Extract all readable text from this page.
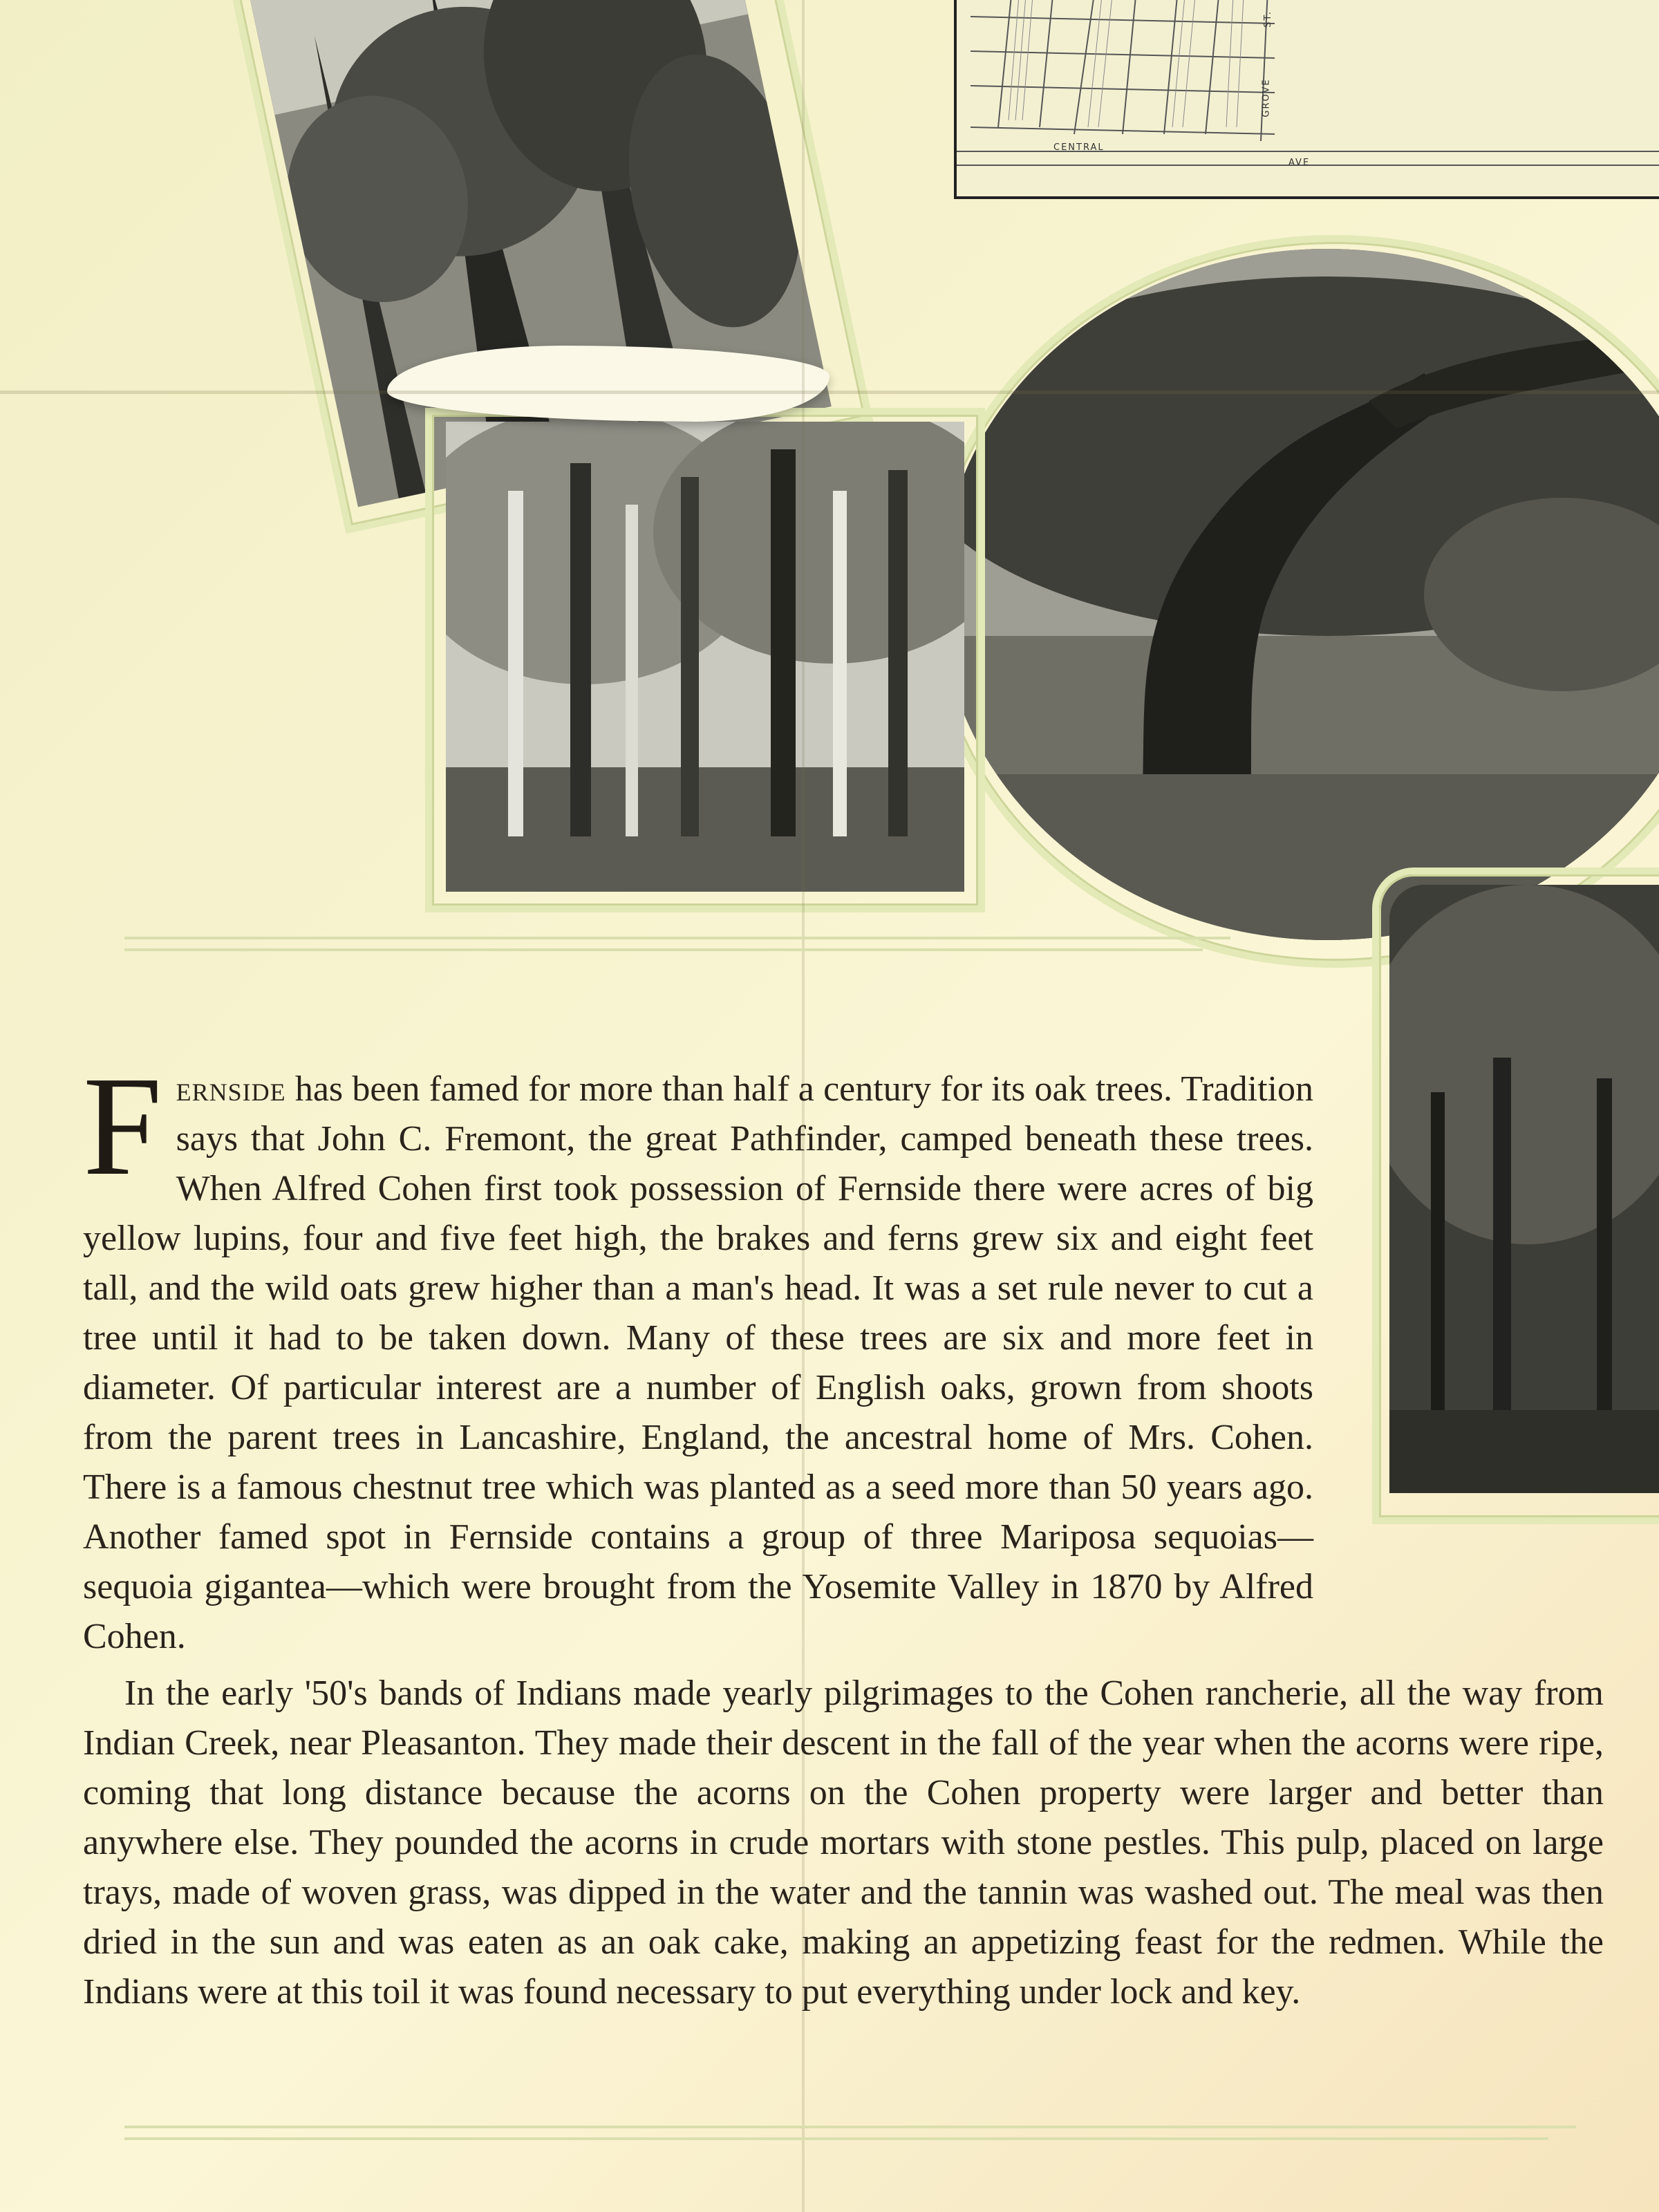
CENTRAL
AVE
GROVE
ST.

Fernside has been famed for more than half a century for its oak trees. Tradition says that John C. Fremont, the great Pathfinder, camped beneath these trees. When Alfred Cohen first took possession of Fernside there were acres of big yellow lupins, four and five feet high, the brakes and ferns grew six and eight feet tall, and the wild oats grew higher than a man's head. It was a set rule never to cut a tree until it had to be taken down. Many of these trees are six and more feet in diameter. Of particular interest are a number of English oaks, grown from shoots from the parent trees in Lancashire, England, the ancestral home of Mrs. Cohen. There is a famous chestnut tree which was planted as a seed more than 50 years ago. Another famed spot in Fernside contains a group of three Mariposa sequoias—sequoia gigantea—which were brought from the Yosemite Valley in 1870 by Alfred Cohen.

In the early '50's bands of Indians made yearly pilgrimages to the Cohen rancherie, all the way from Indian Creek, near Pleasanton. They made their descent in the fall of the year when the acorns were ripe, coming that long distance because the acorns on the Cohen property were larger and better than anywhere else. They pounded the acorns in crude mortars with stone pestles. This pulp, placed on large trays, made of woven grass, was dipped in the water and the tannin was washed out. The meal was then dried in the sun and was eaten as an oak cake, making an appetizing feast for the redmen. While the Indians were at this toil it was found necessary to put everything under lock and key.
